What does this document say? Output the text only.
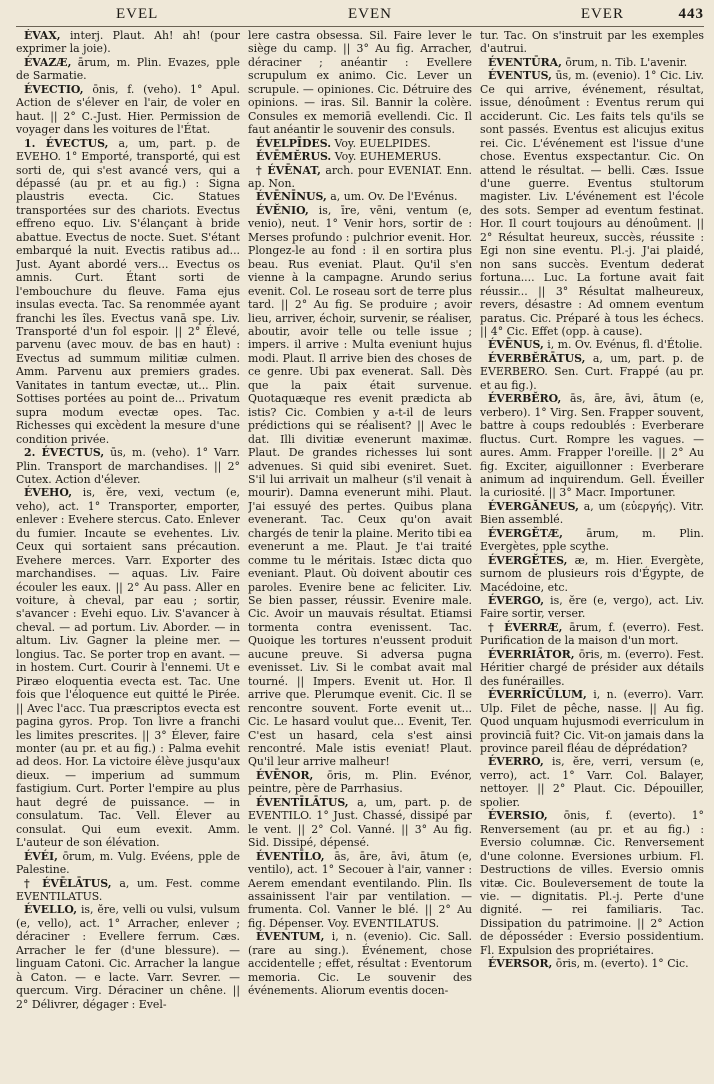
EVEL	EVEN	EVER	443

ÉVAX, interj. Plaut. Ah! ah! (pour exprimer la joie).

ÉVAZÆ, ārum, m. Plin. Evazes, pple de Sarmatie.

ÉVECTIO, ōnis, f. (veho). 1° Apul. Action de s'élever en l'air, de voler en haut. || 2° C.-Just. Hier. Permission de voyager dans les voitures de l'État.

1. ÉVECTUS, a, um, part. p. de EVEHO. 1° Emporté, transporté, qui est sorti de, qui s'est avancé vers, qui a dépassé (au pr. et au fig.) : Signa plaustris evecta. Cic. Statues transportées sur des chariots. Evectus effreno equo. Liv. S'élançant à bride abattue. Evectus de nocte. Suet. S'étant embarqué la nuit. Evectis ratibus ad... Just. Ayant abordé vers... Evectus os amnis. Curt. Étant sorti de l'embouchure du fleuve. Fama ejus insulas evecta. Tac. Sa renommée ayant franchi les îles. Evectus vanā spe. Liv. Transporté d'un fol espoir. || 2° Élevé, parvenu (avec mouv. de bas en haut) : Evectus ad summum militiæ culmen. Amm. Parvenu aux premiers grades. Vanitates in tantum evectæ, ut... Plin. Sottises portées au point de... Privatum supra modum evectæ opes. Tac. Richesses qui excèdent la mesure d'une condition privée.

2. ÉVECTUS, ūs, m. (veho). 1° Varr. Plin. Transport de marchandises. || 2° Cutex. Action d'élever.

ÉVEHO, is, ĕre, vexi, vectum (e, veho), act. 1° Transporter, emporter, enlever : Evehere stercus. Cato. Enlever du fumier. Incaute se evehentes. Liv. Ceux qui sortaient sans précaution. Evehere merces. Varr. Exporter des marchandises. — aquas. Liv. Faire écouler les eaux. || 2° Au pass. Aller en voiture, à cheval, par eau ; sortir, s'avancer : Evehi equo. Liv. S'avancer à cheval. — ad portum. Liv. Aborder. — in altum. Liv. Gagner la pleine mer. — longius. Tac. Se porter trop en avant. — in hostem. Curt. Courir à l'ennemi. Ut e Piræo eloquentia evecta est. Tac. Une fois que l'éloquence eut quitté le Pirée. || Avec l'acc. Tua præscriptos evecta est pagina gyros. Prop. Ton livre a franchi les limites prescrites. || 3° Élever, faire monter (au pr. et au fig.) : Palma evehit ad deos. Hor. La victoire élève jusqu'aux dieux. — imperium ad summum fastigium. Curt. Porter l'empire au plus haut degré de puissance. — in consulatum. Tac. Vell. Élever au consulat. Qui eum evexit. Amm. L'auteur de son élévation.

ÉVÉI, ōrum, m. Vulg. Evéens, pple de Palestine.

† ÉVĒLĀTUS, a, um. Fest. comme EVENTILATUS.

ÉVELLO, is, ĕre, velli ou vulsi, vulsum (e, vello), act. 1° Arracher, enlever ; déraciner : Evellere ferrum. Cæs. Arracher le fer (d'une blessure). — linguam Catoni. Cic. Arracher la langue à Caton. — e lacte. Varr. Sevrer. — quercum. Virg. Déraciner un chêne. || 2° Délivrer, dégager : Evel-

lere castra obsessa. Sil. Faire lever le siège du camp. || 3° Au fig. Arracher, déraciner ; anéantir : Evellere scrupulum ex animo. Cic. Lever un scrupule. — opiniones. Cic. Détruire des opinions. — iras. Sil. Bannir la colère. Consules ex memoriā evellendi. Cic. Il faut anéantir le souvenir des consuls.

ÉVELPĪDES. Voy. EUELPIDES.

ÉVĒMĔRUS. Voy. EUHEMERUS.

† ÉVĒNAT, arch. pour EVENIAT. Enn. ap. Non.

ÉVĒNĪNUS, a, um. Ov. De l'Evénus.

ÉVĔNIO, is, īre, vēni, ventum (e, venio), neut. 1° Venir hors, sortir de : Merses profundo : pulchrior evenit. Hor. Plongez-le au fond : il en sortira plus beau. Rus eveniat. Plaut. Qu'il s'en vienne à la campagne. Arundo serius evenit. Col. Le roseau sort de terre plus tard. || 2° Au fig. Se produire ; avoir lieu, arriver, échoir, survenir, se réaliser, aboutir, avoir telle ou telle issue ; impers. il arrive : Multa eveniunt hujus modi. Plaut. Il arrive bien des choses de ce genre. Ubi pax evenerat. Sall. Dès que la paix était survenue. Quotaquæque res evenit prædicta ab istis? Cic. Combien y a-t-il de leurs prédictions qui se réalisent? || Avec le dat. Illi divitiæ evenerunt maximæ. Plaut. De grandes richesses lui sont advenues. Si quid sibi eveniret. Suet. S'il lui arrivait un malheur (s'il venait à mourir). Damna evenerunt mihi. Plaut. J'ai essuyé des pertes. Quibus plana evenerant. Tac. Ceux qu'on avait chargés de tenir la plaine. Merito tibi ea evenerunt a me. Plaut. Je t'ai traité comme tu le méritais. Istæc dicta quo eveniant. Plaut. Où doivent aboutir ces paroles. Evenire bene ac feliciter. Liv. Se bien passer, réussir. Evenire male. Cic. Avoir un mauvais résultat. Etiamsi tormenta contra evenissent. Tac. Quoique les tortures n'eussent produit aucune preuve. Si adversa pugna evenisset. Liv. Si le combat avait mal tourné. || Impers. Evenit ut. Hor. Il arrive que. Plerumque evenit. Cic. Il se rencontre souvent. Forte evenit ut... Cic. Le hasard voulut que... Evenit, Ter. C'est un hasard, cela s'est ainsi rencontré. Male istis eveniat! Plaut. Qu'il leur arrive malheur!

ÉVĒNOR, ōris, m. Plin. Evénor, peintre, père de Parrhasius.

ÉVENTĪLĀTUS, a, um, part. p. de EVENTILO. 1° Just. Chassé, dissipé par le vent. || 2° Col. Vanné. || 3° Au fig. Sid. Dissipé, dépensé.

ÉVENTĪLO, ās, āre, āvi, ātum (e, ventilo), act. 1° Secouer à l'air, vanner : Aerem emendant eventilando. Plin. Ils assainissent l'air par ventilation. — frumenta. Col. Vanner le blé. || 2° Au fig. Dépenser. Voy. EVENTILATUS.

ÉVENTUM, i, n. (evenio). Cic. Sall. (rare au sing.). Événement, chose accidentelle ; effet, résultat : Eventorum memoria. Cic. Le souvenir des événements. Aliorum eventis docen-

tur. Tac. On s'instruit par les exemples d'autrui.

ÉVENTŪRA, ōrum, n. Tib. L'avenir.

ÉVENTUS, ūs, m. (evenio). 1° Cic. Liv. Ce qui arrive, événement, résultat, issue, dénoûment : Eventus rerum qui acciderunt. Cic. Les faits tels qu'ils se sont passés. Eventus est alicujus exitus rei. Cic. L'événement est l'issue d'une chose. Eventus exspectantur. Cic. On attend le résultat. — belli. Cæs. Issue d'une guerre. Eventus stultorum magister. Liv. L'événement est l'école des sots. Semper ad eventum festinat. Hor. Il court toujours au dénoûment. || 2° Résultat heureux, succès, réussite : Egi non sine eventu. Pl.-j. J'ai plaidé, non sans succès. Eventum dederat fortuna.... Luc. La fortune avait fait réussir... || 3° Résultat malheureux, revers, désastre : Ad omnem eventum paratus. Cic. Préparé à tous les échecs. || 4° Cic. Effet (opp. à cause).

ÉVĒNUS, i, m. Ov. Evénus, fl. d'Étolie.

ÉVERBĔRĀTUS, a, um, part. p. de EVERBERO. Sen. Curt. Frappé (au pr. et au fig.).

ÉVERBĔRO, ās, āre, āvi, ātum (e, verbero). 1° Virg. Sen. Frapper souvent, battre à coups redoublés : Everberare fluctus. Curt. Rompre les vagues. — aures. Amm. Frapper l'oreille. || 2° Au fig. Exciter, aiguillonner : Everberare animum ad inquirendum. Gell. Éveiller la curiosité. || 3° Macr. Importuner.

ÉVERGĂNEUS, a, um (εὐεργής). Vitr. Bien assemblé.

ÉVERGĔTÆ, ārum, m. Plin. Evergètes, pple scythe.

ÉVERGĔTES, æ, m. Hier. Evergète, surnom de plusieurs rois d'Égypte, de Macédoine, etc.

ÉVERGO, is, ĕre (e, vergo), act. Liv. Faire sortir, verser.

† ÉVERRÆ, ārum, f. (everro). Fest. Purification de la maison d'un mort.

ÉVERRIĀTOR, ōris, m. (everro). Fest. Héritier chargé de présider aux détails des funérailles.

ÉVERRĬCŬLUM, i, n. (everro). Varr. Ulp. Filet de pêche, nasse. || Au fig. Quod unquam hujusmodi everriculum in provinciā fuit? Cic. Vit-on jamais dans la province pareil fléau de déprédation?

ÉVERRO, is, ĕre, verri, versum (e, verro), act. 1° Varr. Col. Balayer, nettoyer. || 2° Plaut. Cic. Dépouiller, spolier.

ÉVERSIO, ōnis, f. (everto). 1° Renversement (au pr. et au fig.) : Eversio columnæ. Cic. Renversement d'une colonne. Eversiones urbium. Fl. Destructions de villes. Eversio omnis vitæ. Cic. Bouleversement de toute la vie. — dignitatis. Pl.-j. Perte d'une dignité. — rei familiaris. Tac. Dissipation du patrimoine. || 2° Action de déposséder : Eversio possidentium. Fl. Expulsion des propriétaires.

ÉVERSOR, ōris, m. (everto). 1° Cic.
